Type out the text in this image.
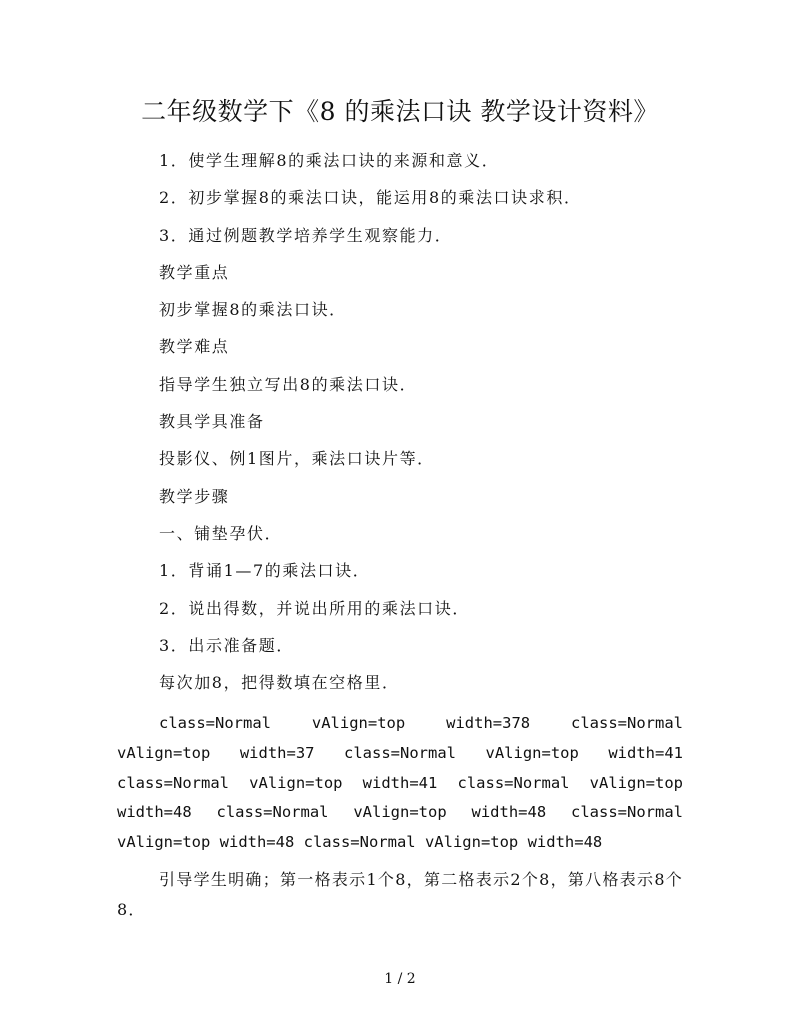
二年级数学下《8 的乘法口诀 教学设计资料》
1．使学生理解8的乘法口诀的来源和意义．
2．初步掌握8的乘法口诀，能运用8的乘法口诀求积．
3．通过例题教学培养学生观察能力．
教学重点
初步掌握8的乘法口诀．
教学难点
指导学生独立写出8的乘法口诀．
教具学具准备
投影仪、例1图片，乘法口诀片等．
教学步骤
一、铺垫孕伏．
1．背诵1—7的乘法口诀．
2．说出得数，并说出所用的乘法口诀．
3．出示准备题．
每次加8，把得数填在空格里．
class=Normal vAlign=top width=378 class=Normal vAlign=top width=37 class=Normal vAlign=top width=41 class=Normal vAlign=top width=41 class=Normal vAlign=top width=48 class=Normal vAlign=top width=48 class=Normal vAlign=top width=48 class=Normal vAlign=top width=48
引导学生明确；第一格表示1个8，第二格表示2个8，第八格表示8个8．
1 / 2
